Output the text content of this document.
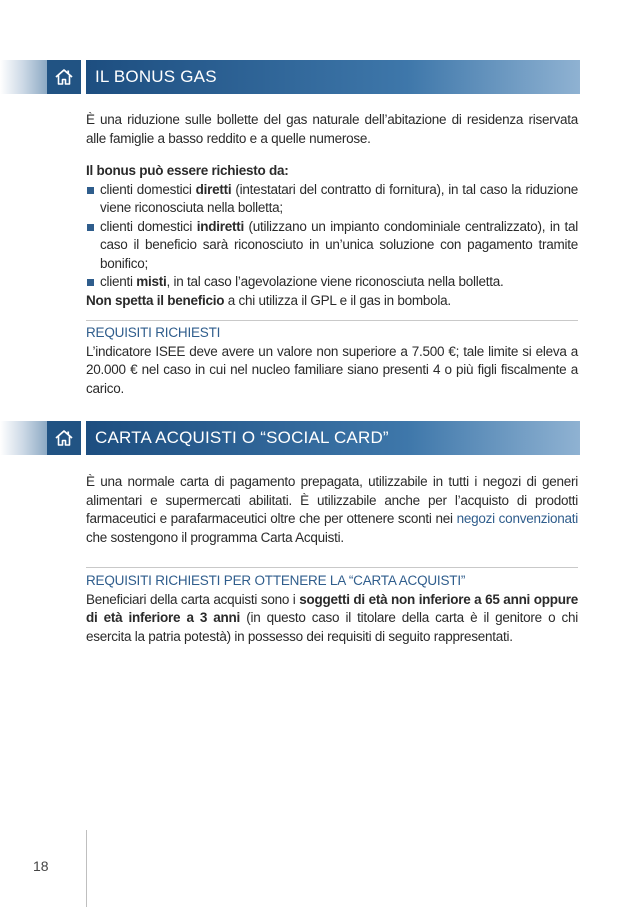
IL BONUS GAS

È una riduzione sulle bollette del gas naturale dell’abitazione di residenza riservata alle famiglie a basso reddito e a quelle numerose.

Il bonus può essere richiesto da:

clienti domestici diretti (intestatari del contratto di fornitura), in tal caso la riduzione viene riconosciuta nella bolletta;
clienti domestici indiretti (utilizzano un impianto condominiale centralizzato), in tal caso il beneficio sarà riconosciuto in un’unica soluzione con pagamento tramite bonifico;
clienti misti, in tal caso l’agevolazione viene riconosciuta nella bolletta.

Non spetta il beneficio a chi utilizza il GPL e il gas in bombola.

REQUISITI RICHIESTI

L’indicatore ISEE deve avere un valore non superiore a 7.500 €; tale limite si eleva a 20.000 € nel caso in cui nel nucleo familiare siano presenti 4 o più figli fiscalmente a carico.

CARTA ACQUISTI O “SOCIAL CARD”

È una normale carta di pagamento prepagata, utilizzabile in tutti i negozi di generi alimentari e supermercati abilitati. È utilizzabile anche per l’acquisto di prodotti farmaceutici e parafarmaceutici oltre che per ottenere sconti nei negozi convenzionati che sostengono il programma Carta Acquisti.

REQUISITI RICHIESTI PER OTTENERE LA “CARTA ACQUISTI”

Beneficiari della carta acquisti sono i soggetti di età non inferiore a 65 anni oppure di età inferiore a 3 anni (in questo caso il titolare della carta è il genitore o chi esercita la patria potestà) in possesso dei requisiti di seguito rappresentati.

18
